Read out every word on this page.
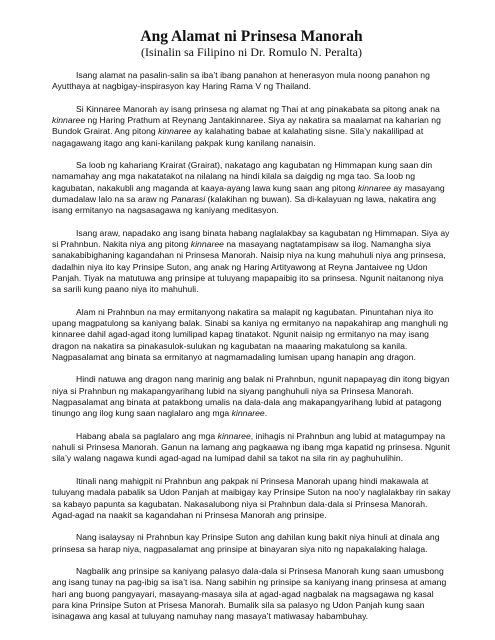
Ang Alamat ni Prinsesa Manorah
(Isinalin sa Filipino ni Dr. Romulo N. Peralta)

Isang alamat na pasalin-salin sa iba’t ibang panahon at henerasyon mula noong panahon ng Ayutthaya at nagbigay-inspirasyon kay Haring Rama V ng Thailand.

Si Kinnaree Manorah ay isang prinsesa ng alamat ng Thai at ang pinakabata sa pitong anak na kinnaree ng Haring Prathum at Reynang Jantakinnaree. Siya ay nakatira sa maalamat na kaharian ng Bundok Grairat. Ang pitong kinnaree ay kalahating babae at kalahating sisne. Sila’y nakalilipad at nagagawang itago ang kani-kanilang pakpak kung kanilang nanaisin.

Sa loob ng kahariang Krairat (Grairat), nakatago ang kagubatan ng Himmapan kung saan din namamahay ang mga nakatatakot na nilalang na hindi kilala sa daigdig ng mga tao. Sa loob ng kagubatan, nakakubli ang maganda at kaaya-ayang lawa kung saan ang pitong kinnaree ay masayang dumadalaw lalo na sa araw ng Panarasi (kalakihan ng buwan). Sa di-kalayuan ng lawa, nakatira ang isang ermitanyo na nagsasagawa ng kaniyang meditasyon.

Isang araw, napadako ang isang binata habang naglalakbay sa kagubatan ng Himmapan. Siya ay si Prahnbun. Nakita niya ang pitong kinnaree na masayang nagtatampisaw sa ilog. Namangha siya sanakabibighaning kagandahan ni Prinsesa Manorah. Naisip niya na kung mahuhuli niya ang prinsesa, dadalhin niya ito kay Prinsipe Suton, ang anak ng Haring Artityawong at Reyna Jantaivee ng Udon Panjah. Tiyak na matutuwa ang prinsipe at tuluyang mapapaibig ito sa prinsesa. Ngunit naitanong niya sa sarili kung paano niya ito mahuhuli.

Alam ni Prahnbun na may ermitanyong nakatira sa malapit ng kagubatan. Pinuntahan niya ito upang magpatulong sa kaniyang balak. Sinabi sa kaniya ng ermitanyo na napakahirap ang manghuli ng kinnaree dahil agad-agad itong lumilipad kapag tinatakot. Ngunit naisip ng ermitanyo na may isang dragon na nakatira sa pinakasulok-sulukan ng kagubatan na maaaring makatulong sa kanila. Nagpasalamat ang binata sa ermitanyo at nagmamadaling lumisan upang hanapin ang dragon.

Hindi natuwa ang dragon nang marinig ang balak ni Prahnbun, ngunit napapayag din itong bigyan niya si Prahnbun ng makapangyarihang lubid na siyang panghuhuli niya sa Prinsesa Manorah. Nagpasalamat ang binata at patakbong umalis na dala-dala ang makapangyarihang lubid at patagong tinungo ang ilog kung saan naglalaro ang mga kinnaree.

Habang abala sa paglalaro ang mga kinnaree, inihagis ni Prahnbun ang lubid at matagumpay na nahuli si Prinsesa Manorah. Ganun na lamang ang pagkaawa ng ibang mga kapatid ng prinsesa. Ngunit sila’y walang nagawa kundi agad-agad na lumipad dahil sa takot na sila rin ay paghuhulihin.

Itinali nang mahigpit ni Prahnbun ang pakpak ni Prinsesa Manorah upang hindi makawala at tuluyang madala pabalik sa Udon Panjah at maibigay kay Prinsipe Suton na noo’y naglalakbay rin sakay sa kabayo papunta sa kagubatan. Nakasalubong niya si Prahnbun dala-dala si Prinsesa Manorah. Agad-agad na naakit sa kagandahan ni Prinsesa Manorah ang prinsipe.

Nang isalaysay ni Prahnbun kay Prinsipe Suton ang dahilan kung bakit niya hinuli at dinala ang prinsesa sa harap niya, nagpasalamat ang prinsipe at binayaran siya nito ng napakalaking halaga.

Nagbalik ang prinsipe sa kaniyang palasyo dala-dala si Prinsesa Manorah kung saan umusbong ang isang tunay na pag-ibig sa isa’t isa. Nang sabihin ng prinsipe sa kaniyang inang prinsesa at amang hari ang buong pangyayari, masayang-masaya sila at agad-agad nagbalak na magsagawa ng kasal para kina Prinsipe Suton at Prisesa Manorah. Bumalik sila sa palasyo ng Udon Panjah kung saan isinagawa ang kasal at tuluyang namuhay nang masaya’t matiwasay habambuhay.
